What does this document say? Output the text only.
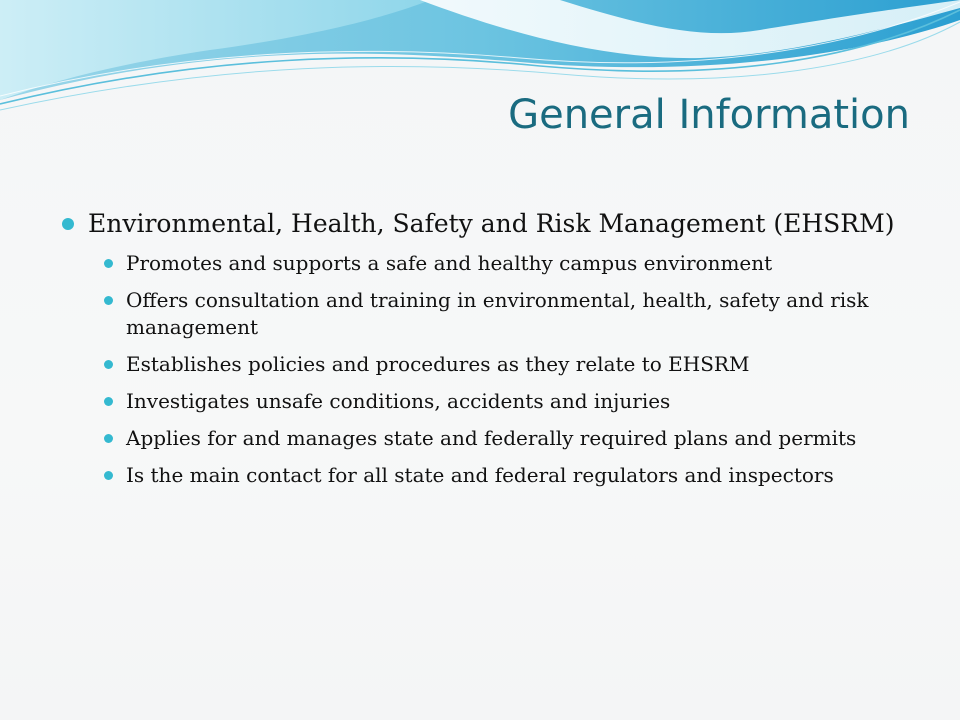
General Information
Environmental, Health, Safety and Risk Management (EHSRM)
Promotes and supports a safe and healthy campus environment
Offers consultation and training in environmental, health, safety and risk management
Establishes policies and procedures as they relate to EHSRM
Investigates unsafe conditions, accidents and injuries
Applies for and manages state and federally required plans and permits
Is the main contact for all state and federal regulators and inspectors
